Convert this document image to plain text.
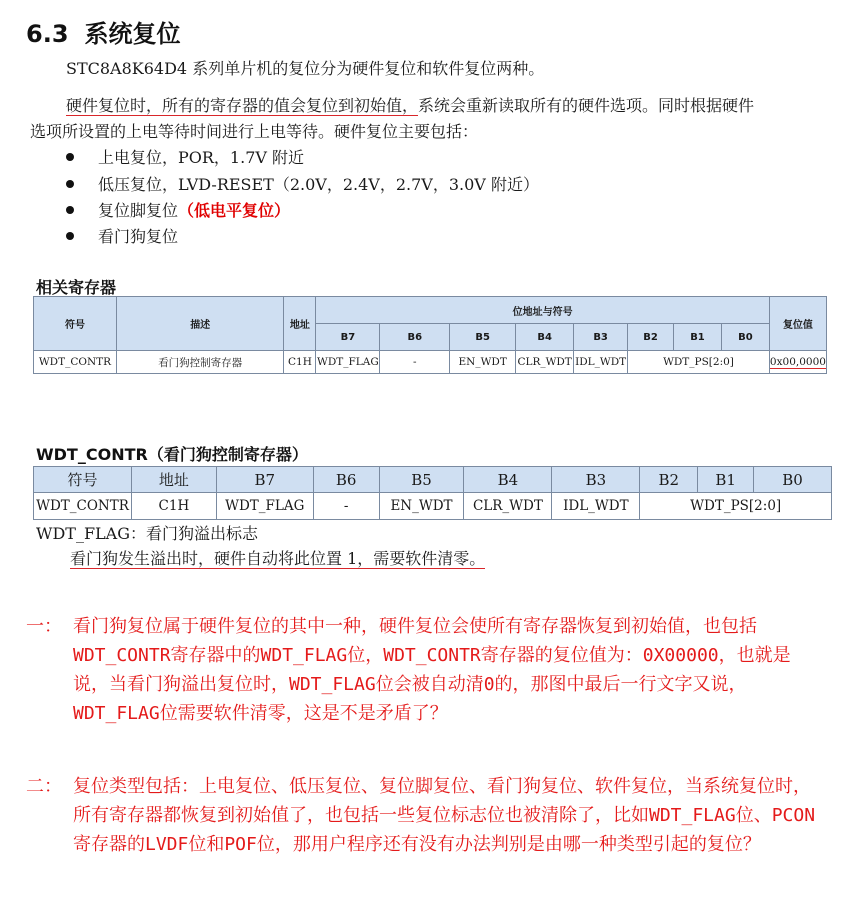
6.3 系统复位
STC8A8K64D4 系列单片机的复位分为硬件复位和软件复位两种。
硬件复位时，所有的寄存器的值会复位到初始值，系统会重新读取所有的硬件选项。同时根据硬件
选项所设置的上电等待时间进行上电等待。硬件复位主要包括：
上电复位，POR，1.7V 附近
低压复位，LVD-RESET（2.0V，2.4V，2.7V，3.0V 附近）
复位脚复位（低电平复位）
看门狗复位
相关寄存器
符号	描述	地址	位地址与符号								复位值
			B7	B6	B5	B4	B3	B2	B1	B0	
WDT_CONTR	看门狗控制寄存器	C1H	WDT_FLAG	-	EN_WDT	CLR_WDT	IDL_WDT	WDT_PS[2:0]			0x00,0000
WDT_CONTR（看门狗控制寄存器）
符号	地址	B7	B6	B5	B4	B3	B2	B1	B0
WDT_CONTR	C1H	WDT_FLAG	-	EN_WDT	CLR_WDT	IDL_WDT	WDT_PS[2:0]		
WDT_FLAG：看门狗溢出标志
看门狗发生溢出时，硬件自动将此位置 1，需要软件清零。
一： 看门狗复位属于硬件复位的其中一种，硬件复位会使所有寄存器恢复到初始值，也包括WDT_CONTR寄存器中的WDT_FLAG位，WDT_CONTR寄存器的复位值为：0X00000，也就是说，当看门狗溢出复位时，WDT_FLAG位会被自动清0的，那图中最后一行文字又说，WDT_FLAG位需要软件清零，这是不是矛盾了？
二： 复位类型包括：上电复位、低压复位、复位脚复位、看门狗复位、软件复位，当系统复位时，所有寄存器都恢复到初始值了，也包括一些复位标志位也被清除了，比如WDT_FLAG位、PCON寄存器的LVDF位和POF位，那用户程序还有没有办法判别是由哪一种类型引起的复位？
